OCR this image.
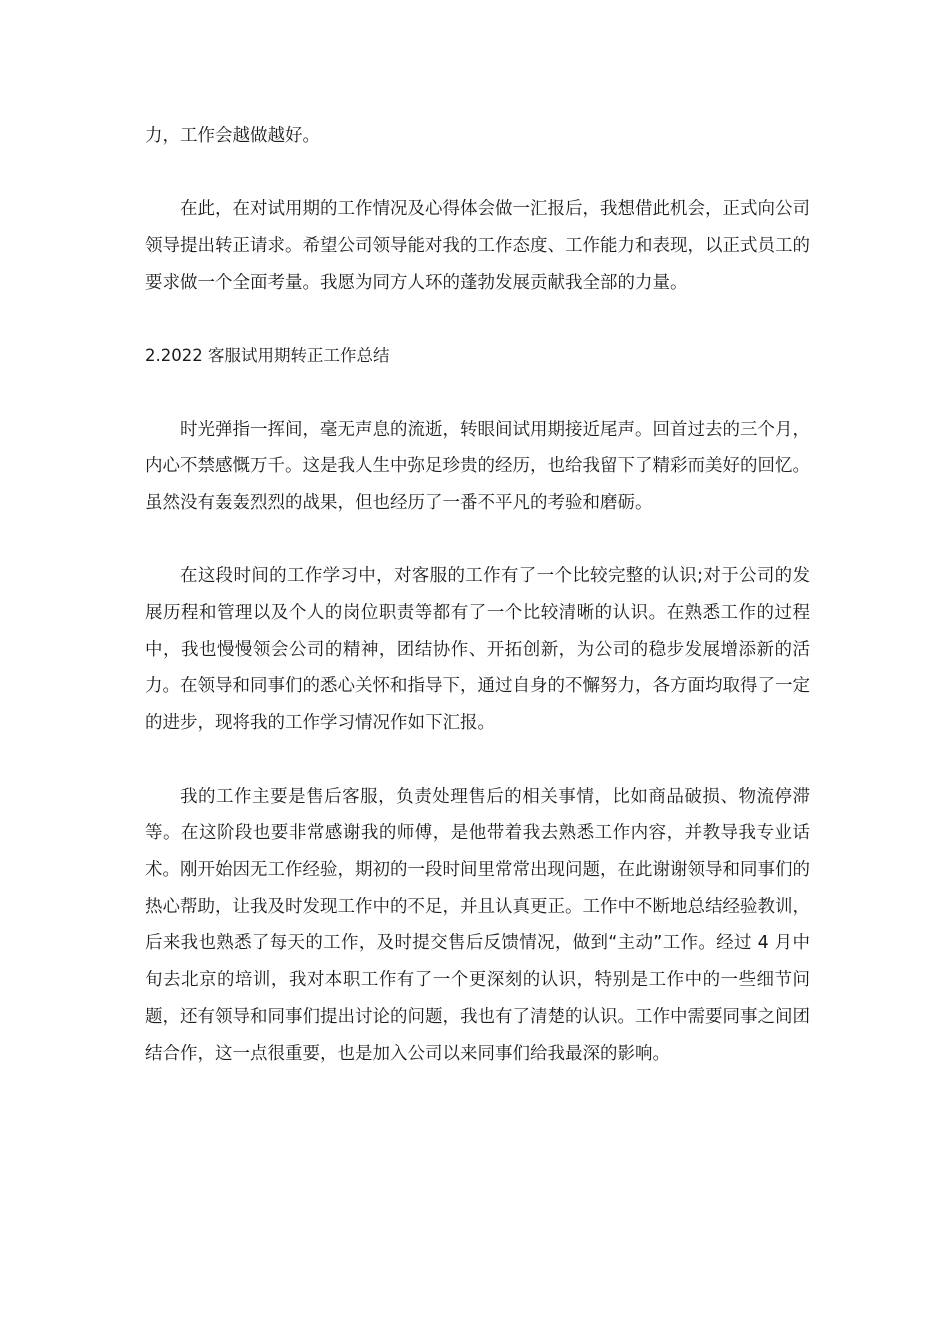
力，工作会越做越好。

在此，在对试用期的工作情况及心得体会做一汇报后，我想借此机会，正式向公司领导提出转正请求。希望公司领导能对我的工作态度、工作能力和表现，以正式员工的要求做一个全面考量。我愿为同方人环的蓬勃发展贡献我全部的力量。

2.2022 客服试用期转正工作总结

时光弹指一挥间，毫无声息的流逝，转眼间试用期接近尾声。回首过去的三个月，内心不禁感慨万千。这是我人生中弥足珍贵的经历，也给我留下了精彩而美好的回忆。虽然没有轰轰烈烈的战果，但也经历了一番不平凡的考验和磨砺。

在这段时间的工作学习中，对客服的工作有了一个比较完整的认识;对于公司的发展历程和管理以及个人的岗位职责等都有了一个比较清晰的认识。在熟悉工作的过程中，我也慢慢领会公司的精神，团结协作、开拓创新，为公司的稳步发展增添新的活力。在领导和同事们的悉心关怀和指导下，通过自身的不懈努力，各方面均取得了一定的进步，现将我的工作学习情况作如下汇报。

我的工作主要是售后客服，负责处理售后的相关事情，比如商品破损、物流停滞等。在这阶段也要非常感谢我的师傅，是他带着我去熟悉工作内容，并教导我专业话术。刚开始因无工作经验，期初的一段时间里常常出现问题，在此谢谢领导和同事们的热心帮助，让我及时发现工作中的不足，并且认真更正。工作中不断地总结经验教训，后来我也熟悉了每天的工作，及时提交售后反馈情况，做到“主动”工作。经过 4 月中旬去北京的培训，我对本职工作有了一个更深刻的认识，特别是工作中的一些细节问题，还有领导和同事们提出讨论的问题，我也有了清楚的认识。工作中需要同事之间团结合作，这一点很重要，也是加入公司以来同事们给我最深的影响。
